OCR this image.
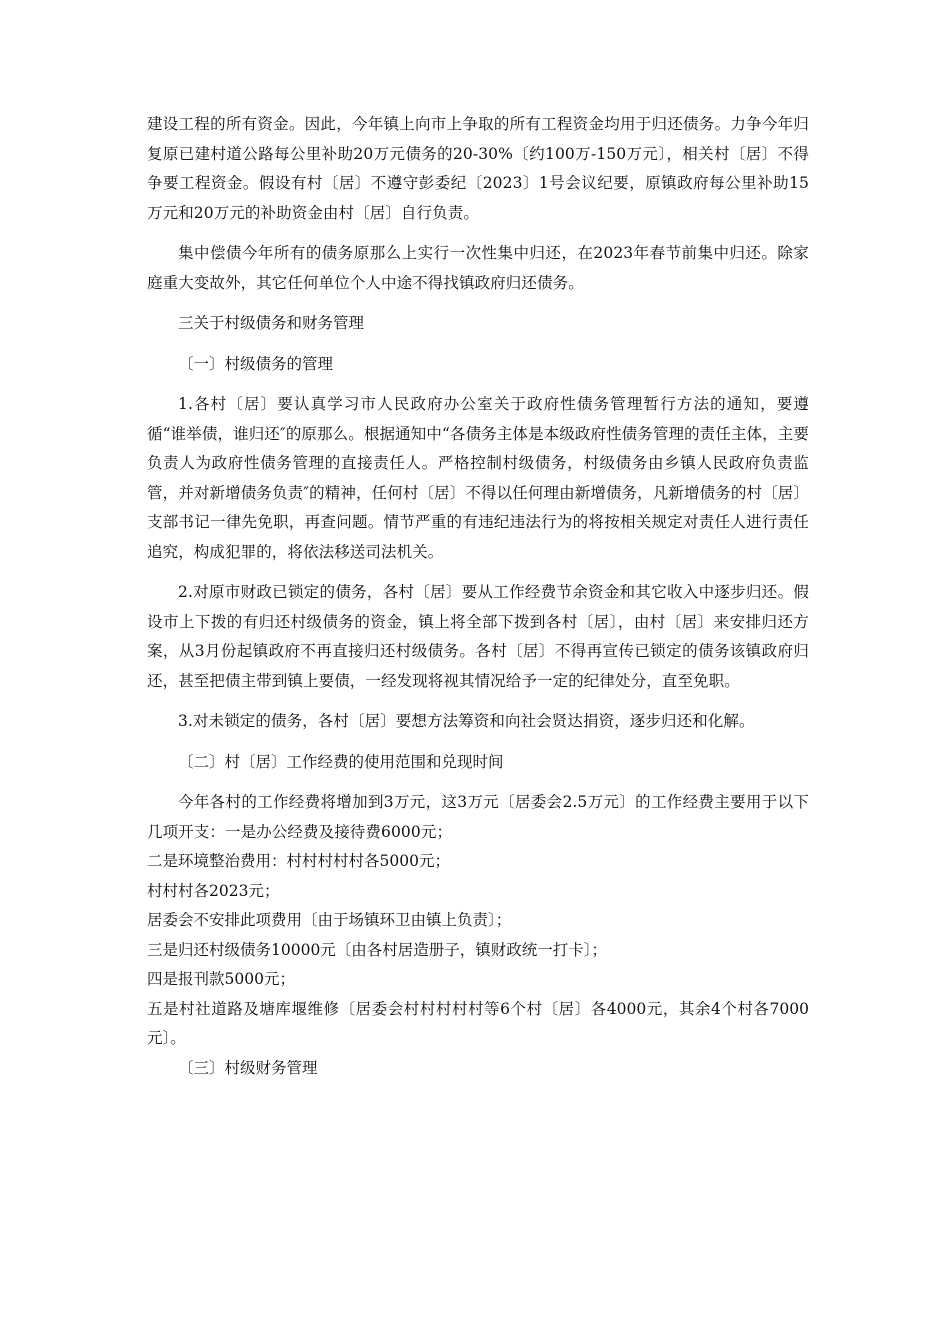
建设工程的所有资金。因此，今年镇上向市上争取的所有工程资金均用于归还债务。力争今年归复原已建村道公路每公里补助20万元债务的20-30%〔约100万-150万元〕，相关村〔居〕不得争要工程资金。假设有村〔居〕不遵守彭委纪〔2023〕1号会议纪要，原镇政府每公里补助15万元和20万元的补助资金由村〔居〕自行负责。

集中偿债今年所有的债务原那么上实行一次性集中归还，在2023年春节前集中归还。除家庭重大变故外，其它任何单位个人中途不得找镇政府归还债务。

三关于村级债务和财务管理

〔一〕村级债务的管理

1.各村〔居〕要认真学习市人民政府办公室关于政府性债务管理暂行方法的通知，要遵循“谁举债，谁归还″的原那么。根据通知中“各债务主体是本级政府性债务管理的责任主体，主要负责人为政府性债务管理的直接责任人。严格控制村级债务，村级债务由乡镇人民政府负责监管，并对新增债务负责″的精神，任何村〔居〕不得以任何理由新增债务，凡新增债务的村〔居〕支部书记一律先免职，再查问题。情节严重的有违纪违法行为的将按相关规定对责任人进行责任追究，构成犯罪的，将依法移送司法机关。

2.对原市财政已锁定的债务，各村〔居〕要从工作经费节余资金和其它收入中逐步归还。假设市上下拨的有归还村级债务的资金，镇上将全部下拨到各村〔居〕，由村〔居〕来安排归还方案，从3月份起镇政府不再直接归还村级债务。各村〔居〕不得再宣传已锁定的债务该镇政府归还，甚至把债主带到镇上要债，一经发现将视其情况给予一定的纪律处分，直至免职。

3.对未锁定的债务，各村〔居〕要想方法筹资和向社会贤达捐资，逐步归还和化解。

〔二〕村〔居〕工作经费的使用范围和兑现时间

今年各村的工作经费将增加到3万元，这3万元〔居委会2.5万元〕的工作经费主要用于以下几项开支：一是办公经费及接待费6000元；

二是环境整治费用：村村村村村各5000元；

村村村各2023元；

居委会不安排此项费用〔由于场镇环卫由镇上负责〕；

三是归还村级债务10000元〔由各村居造册子，镇财政统一打卡〕；

四是报刊款5000元；

五是村社道路及塘库堰维修〔居委会村村村村村等6个村〔居〕各4000元，其余4个村各7000元〕。

〔三〕村级财务管理
